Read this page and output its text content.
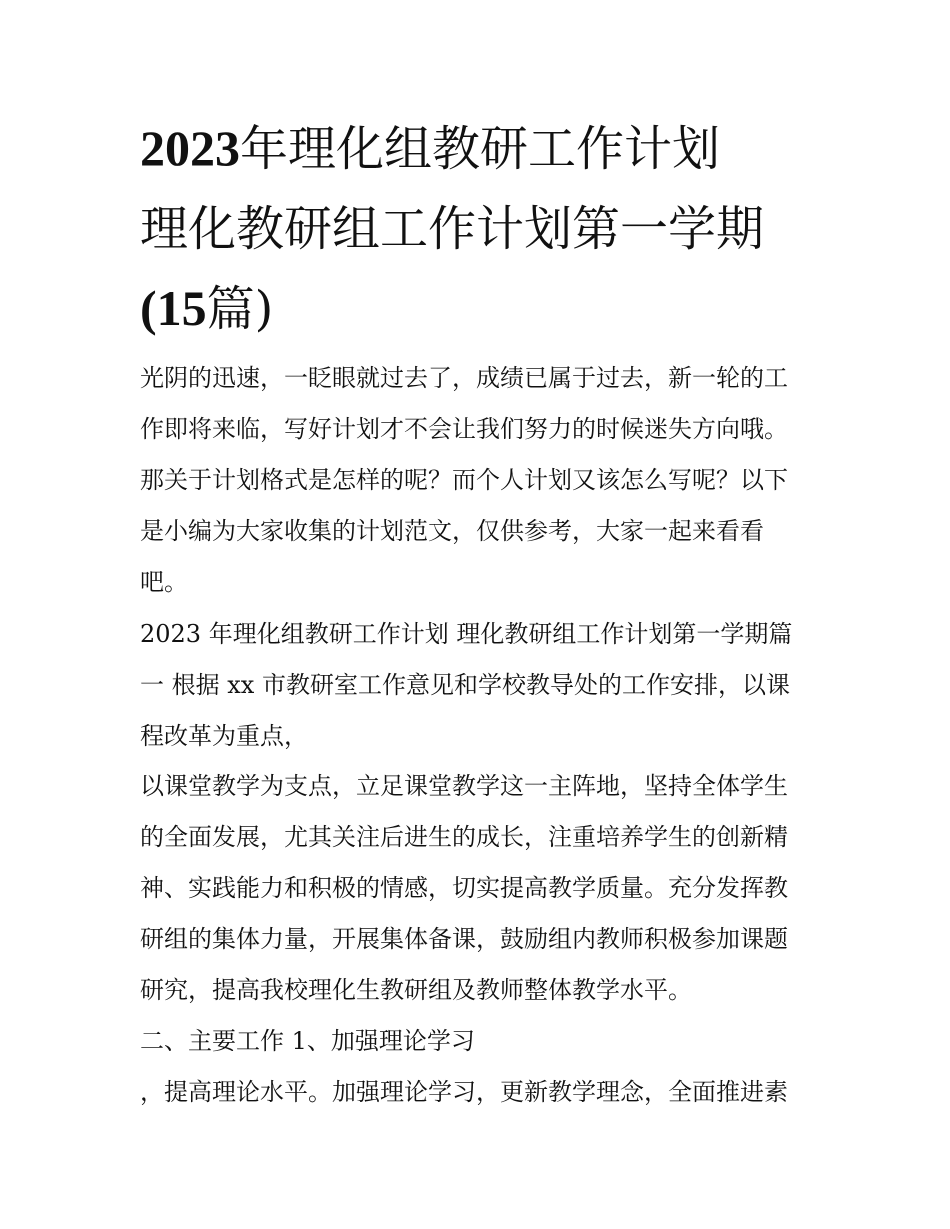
2023年理化组教研工作计划
理化教研组工作计划第一学期
(15篇)

光阴的迅速，一眨眼就过去了，成绩已属于过去，新一轮的工

作即将来临，写好计划才不会让我们努力的时候迷失方向哦。

那关于计划格式是怎样的呢？而个人计划又该怎么写呢？以下

是小编为大家收集的计划范文，仅供参考，大家一起来看看

吧。

2023 年理化组教研工作计划 理化教研组工作计划第一学期篇

一 根据 xx 市教研室工作意见和学校教导处的工作安排，以课

程改革为重点，

以课堂教学为支点，立足课堂教学这一主阵地，坚持全体学生

的全面发展，尤其关注后进生的成长，注重培养学生的创新精

神、实践能力和积极的情感，切实提高教学质量。充分发挥教

研组的集体力量，开展集体备课，鼓励组内教师积极参加课题

研究，提高我校理化生教研组及教师整体教学水平。

二、主要工作 1、加强理论学习

，提高理论水平。加强理论学习，更新教学理念，全面推进素
